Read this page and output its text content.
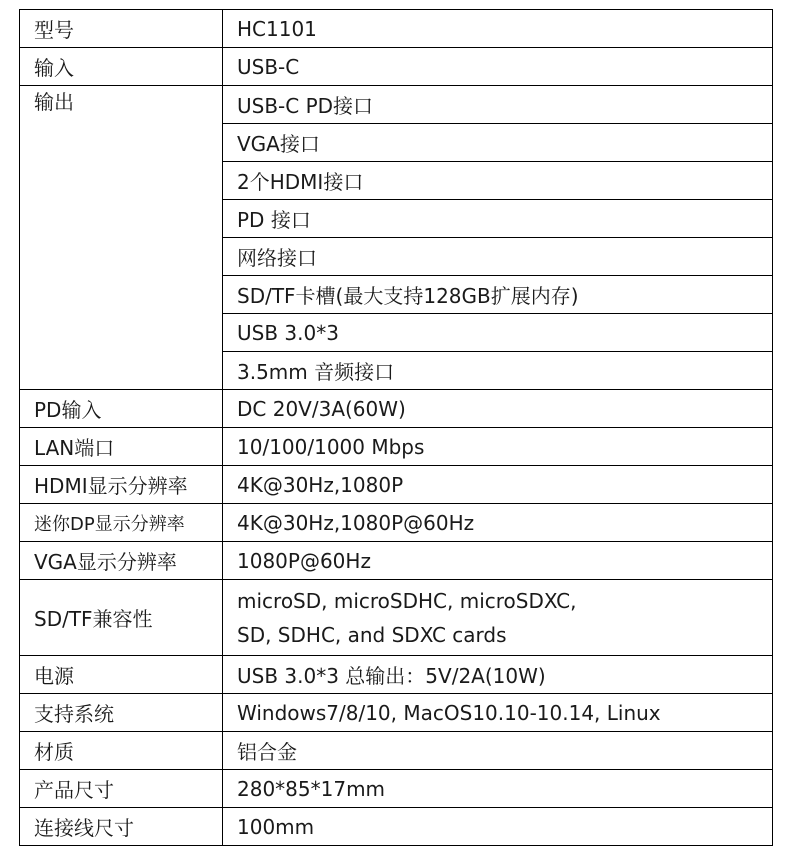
型号	HC1101
输入	USB-C
输出	USB-C PD接口
	VGA接口
	2个HDMI接口
	PD 接口
	网络接口
	SD/TF卡槽(最大支持128GB扩展内存)
	USB 3.0*3
	3.5mm 音频接口
PD输入	DC 20V/3A(60W)
LAN端口	10/100/1000 Mbps
HDMI显示分辨率	4K@30Hz,1080P
迷你DP显示分辨率	4K@30Hz,1080P@60Hz
VGA显示分辨率	1080P@60Hz
SD/TF兼容性	microSD, microSDHC, microSDXC,
SD, SDHC, and SDXC cards

电源	USB 3.0*3 总输出：5V/2A(10W)
支持系统	Windows7/8/10, MacOS10.10-10.14, Linux
材质	铝合金
产品尺寸	280*85*17mm
连接线尺寸	100mm
